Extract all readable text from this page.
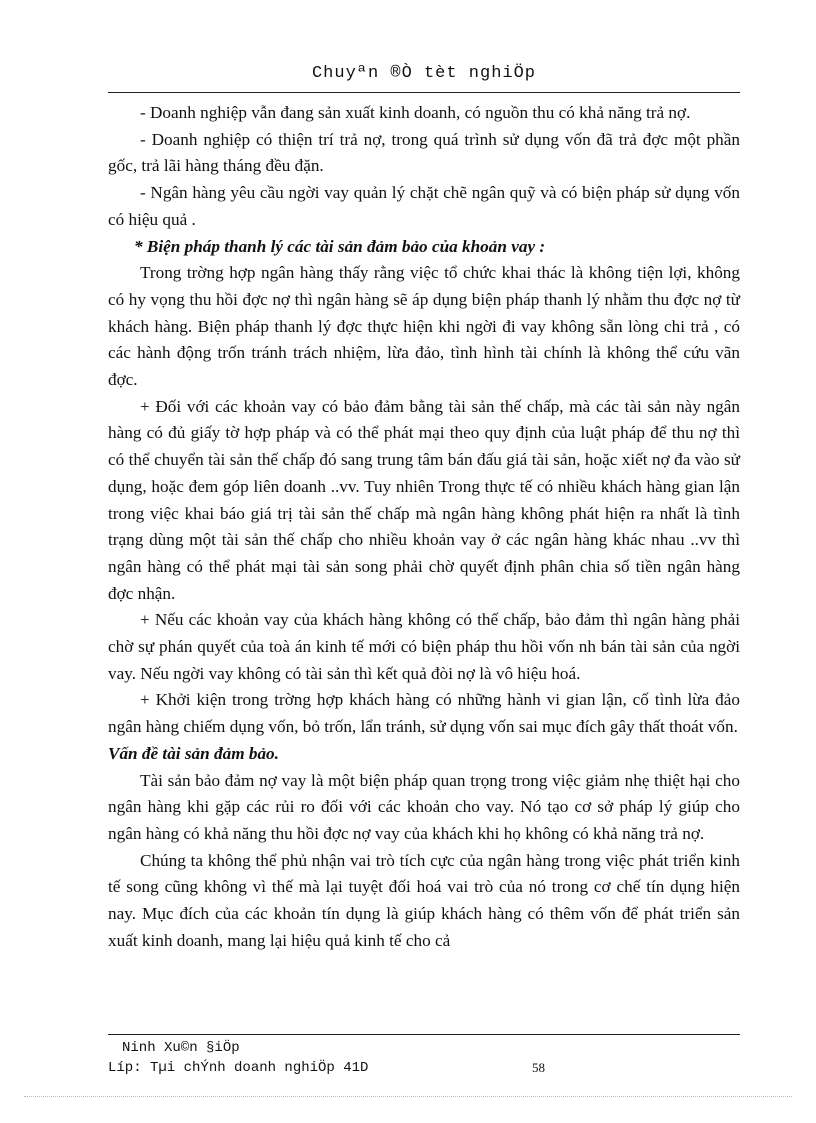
Chuyªn ®Ò tèt nghiÖp

- Doanh nghiệp vẫn đang sản xuất kinh doanh, có nguồn thu có khả năng trả nợ.

- Doanh nghiệp có thiện trí trả nợ, trong quá trình sử dụng vốn đã trả đợc một phần gốc, trả lãi hàng tháng đều đặn.

- Ngân hàng yêu cầu ngời vay quản lý chặt chẽ ngân quỹ và có biện pháp sử dụng vốn có hiệu quả .

* Biện pháp thanh lý các tài sản đảm bảo của khoản vay :

Trong trờng hợp ngân hàng thấy rằng việc tổ chức khai thác là không tiện lợi, không có hy vọng thu hồi đợc nợ thì ngân hàng sẽ áp dụng biện pháp thanh lý nhằm thu đợc nợ từ khách hàng. Biện pháp thanh lý đợc thực hiện khi ngời đi vay không sẵn lòng chi trả , có các hành động trốn tránh trách nhiệm, lừa đảo, tình hình tài chính là không thể cứu vãn đợc.

+ Đối với các khoản vay có bảo đảm bằng tài sản thế chấp, mà các tài sản này ngân hàng có đủ giấy tờ hợp pháp và có thể phát mại theo quy định của luật pháp để thu nợ thì có thể chuyển tài sản thế chấp đó sang trung tâm bán đấu giá tài sản, hoặc xiết nợ đa vào sử dụng, hoặc đem góp liên doanh ..vv. Tuy nhiên Trong thực tế có nhiều khách hàng gian lận trong việc khai báo giá trị tài sản thế chấp mà ngân hàng không phát hiện ra nhất là tình trạng dùng một tài sản thế chấp cho nhiều khoản vay ở các ngân hàng khác nhau ..vv thì ngân hàng có thể phát mại tài sản song phải chờ quyết định phân chia số tiền ngân hàng đợc nhận.

+ Nếu các khoản vay của khách hàng không có thế chấp, bảo đảm thì ngân hàng phải chờ sự phán quyết của toà án kinh tế mới có biện pháp thu hồi vốn nh bán tài sản của ngời vay. Nếu ngời vay không có tài sản thì kết quả đòi nợ là vô hiệu hoá.

+ Khởi kiện trong trờng hợp khách hàng có những hành vi gian lận, cố tình lừa đảo ngân hàng chiếm dụng vốn, bỏ trốn, lẩn tránh, sử dụng vốn sai mục đích gây thất thoát vốn.

Vấn đề tài sản đảm bảo.

Tài sản bảo đảm nợ vay là một biện pháp quan trọng trong việc giảm nhẹ thiệt hại cho ngân hàng khi gặp các rủi ro đối với các khoản cho vay. Nó tạo cơ sở pháp lý giúp cho ngân hàng có khả năng thu hồi đợc nợ vay của khách khi họ không có khả năng trả nợ.

Chúng ta không thể phủ nhận vai trò tích cực của ngân hàng trong việc phát triển kinh tế song cũng không vì thế mà lại tuyệt đối hoá vai trò của nó trong cơ chế tín dụng hiện nay. Mục đích của các khoản tín dụng là giúp khách hàng có thêm vốn để phát triển sản xuất kinh doanh, mang lại hiệu quả kinh tế cho cả

Ninh Xu©n §iÖp
Líp: Tµi chÝnh doanh nghiÖp 41D	58
